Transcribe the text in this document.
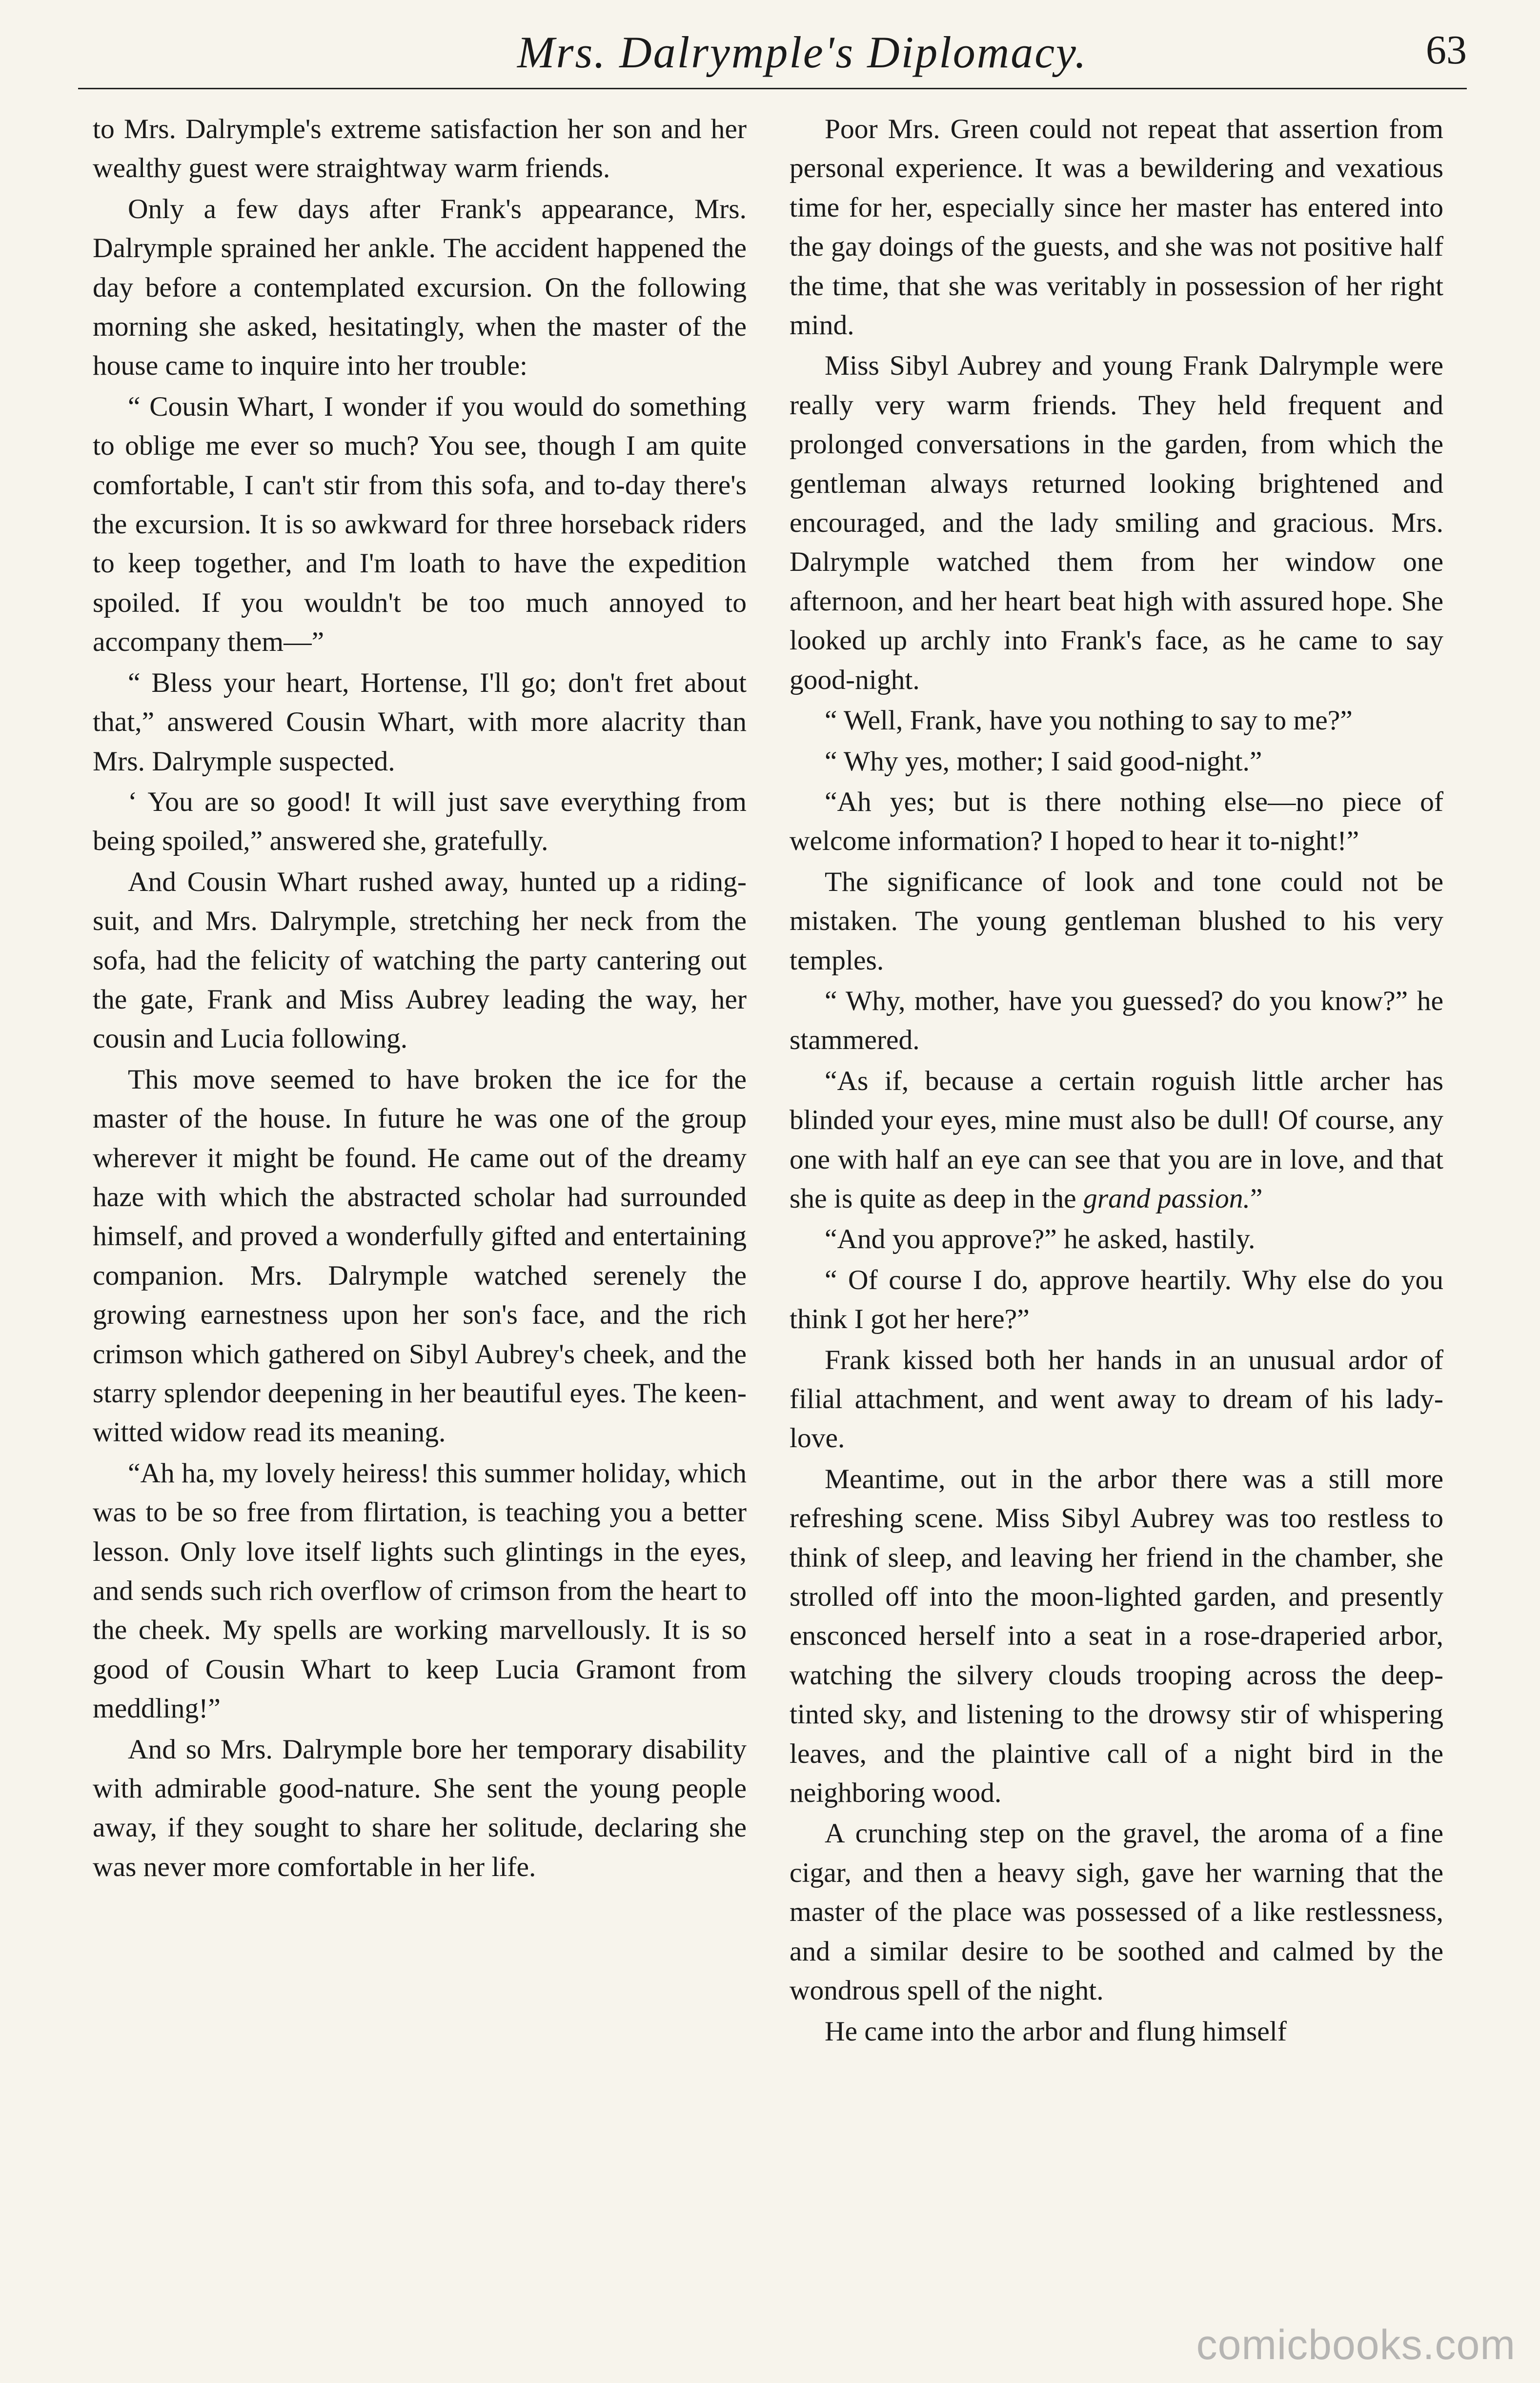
Mrs. Dalrymple's Diplomacy.	63

to Mrs. Dalrymple's extreme satisfaction her son and her wealthy guest were straightway warm friends.

Only a few days after Frank's appearance, Mrs. Dalrymple sprained her ankle. The accident happened the day before a contemplated excursion. On the following morning she asked, hesitatingly, when the master of the house came to inquire into her trouble:

“ Cousin Whart, I wonder if you would do something to oblige me ever so much? You see, though I am quite comfortable, I can't stir from this sofa, and to-day there's the excursion. It is so awkward for three horseback riders to keep together, and I'm loath to have the expedition spoiled. If you wouldn't be too much annoyed to accompany them—”

“ Bless your heart, Hortense, I'll go; don't fret about that,” answered Cousin Whart, with more alacrity than Mrs. Dalrymple suspected.

‘ You are so good! It will just save everything from being spoiled,” answered she, gratefully.

And Cousin Whart rushed away, hunted up a riding-suit, and Mrs. Dalrymple, stretching her neck from the sofa, had the felicity of watching the party cantering out the gate, Frank and Miss Aubrey leading the way, her cousin and Lucia following.

This move seemed to have broken the ice for the master of the house. In future he was one of the group wherever it might be found. He came out of the dreamy haze with which the abstracted scholar had surrounded himself, and proved a wonderfully gifted and entertaining companion. Mrs. Dalrymple watched serenely the growing earnestness upon her son's face, and the rich crimson which gathered on Sibyl Aubrey's cheek, and the starry splendor deepening in her beautiful eyes. The keen-witted widow read its meaning.

“Ah ha, my lovely heiress! this summer holiday, which was to be so free from flirtation, is teaching you a better lesson. Only love itself lights such glintings in the eyes, and sends such rich overflow of crimson from the heart to the cheek. My spells are working marvellously. It is so good of Cousin Whart to keep Lucia Gramont from meddling!”

And so Mrs. Dalrymple bore her temporary disability with admirable good-nature. She sent the young people away, if they sought to share her solitude, declaring she was never more comfortable in her life.

Poor Mrs. Green could not repeat that assertion from personal experience. It was a bewildering and vexatious time for her, especially since her master has entered into the gay doings of the guests, and she was not positive half the time, that she was veritably in possession of her right mind.

Miss Sibyl Aubrey and young Frank Dalrymple were really very warm friends. They held frequent and prolonged conversations in the garden, from which the gentleman always returned looking brightened and encouraged, and the lady smiling and gracious. Mrs. Dalrymple watched them from her window one afternoon, and her heart beat high with assured hope. She looked up archly into Frank's face, as he came to say good-night.

“ Well, Frank, have you nothing to say to me?”

“ Why yes, mother; I said good-night.”

“Ah yes; but is there nothing else—no piece of welcome information? I hoped to hear it to-night!”

The significance of look and tone could not be mistaken. The young gentleman blushed to his very temples.

“ Why, mother, have you guessed? do you know?” he stammered.

“As if, because a certain roguish little archer has blinded your eyes, mine must also be dull! Of course, any one with half an eye can see that you are in love, and that she is quite as deep in the grand passion.”

“And you approve?” he asked, hastily.

“ Of course I do, approve heartily. Why else do you think I got her here?”

Frank kissed both her hands in an unusual ardor of filial attachment, and went away to dream of his lady-love.

Meantime, out in the arbor there was a still more refreshing scene. Miss Sibyl Aubrey was too restless to think of sleep, and leaving her friend in the chamber, she strolled off into the moon-lighted garden, and presently ensconced herself into a seat in a rose-draperied arbor, watching the silvery clouds trooping across the deep-tinted sky, and listening to the drowsy stir of whispering leaves, and the plaintive call of a night bird in the neighboring wood.

A crunching step on the gravel, the aroma of a fine cigar, and then a heavy sigh, gave her warning that the master of the place was possessed of a like restlessness, and a similar desire to be soothed and calmed by the wondrous spell of the night.

He came into the arbor and flung himself

comicbooks.com
